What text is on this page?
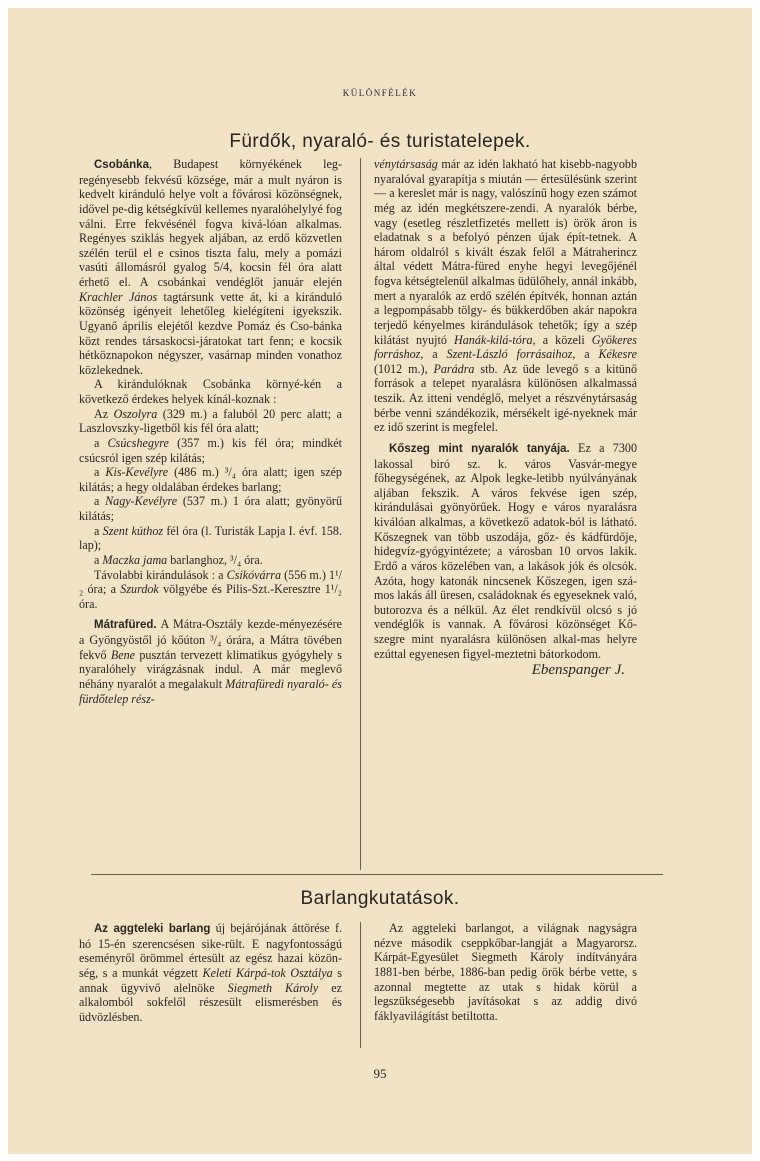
KÜLÖNFÉLÉK
Fürdők, nyaraló- és turistatelepek.

Csobánka, Budapest környékének leg-regényesebb fekvésű községe, már a mult nyáron is kedvelt kiránduló helye volt a fővárosi közönségnek, idővel pe-dig kétségkívül kellemes nyaralóhelylyé fog válni. Erre fekvésénél fogva kivá-lóan alkalmas. Regényes sziklás hegyek aljában, az erdő közvetlen szélén terül el e csinos tiszta falu, mely a pomázi vasúti állomásról gyalog 5/4, kocsin fél óra alatt érhető el. A csobánkai vendéglőt január elején Krachler János tagtársunk vette át, ki a kiránduló közönség igényeit lehetőleg kielégíteni igyekszik. Ugyanő április elejétől kezdve Pomáz és Cso-bánka közt rendes társaskocsi-járatokat tart fenn; e kocsik hétköznapokon négyszer, vasárnap minden vonathoz közlekednek.

A kirándulóknak Csobánka környé-kén a következő érdekes helyek kínál-koznak :

Az Oszolyra (329 m.) a faluból 20 perc alatt; a Laszlovszky-ligetből kis fél óra alatt;

a Csúcshegyre (357 m.) kis fél óra; mindkét csúcsról igen szép kilátás;

a Kis-Kevélyre (486 m.) ³/₄ óra alatt; igen szép kilátás; a hegy oldalában érdekes barlang;

a Nagy-Kevélyre (537 m.) 1 óra alatt; gyönyörű kilátás;

a Szent kúthoz fél óra (l. Turisták Lapja I. évf. 158. lap);

a Maczka jama barlanghoz, ³/₄ óra.

Távolabbi kirándulások : a Csikóvárra (556 m.) 1¹/₂ óra; a Szurdok völgyébe és Pilis-Szt.-Keresztre 1¹/₂ óra.

Mátrafüred. A Mátra-Osztály kezde-ményezésére a Gyöngyöstől jó kőúton ³/₄ órára, a Mátra tövében fekvő Bene pusztán tervezett klimatikus gyógyhely s nyaralóhely virágzásnak indul. A már meglevő néhány nyaralót a megalakult Mátrafüredi nyaraló- és fürdőtelep rész-

vénytársaság már az idén lakható hat kisebb-nagyobb nyaralóval gyarapítja s miután — értesülésünk szerint — a kereslet már is nagy, valószínű hogy ezen számot még az idén megkétszere-zendi. A nyaralók bérbe, vagy (esetleg részletfizetés mellett is) örök áron is eladatnak s a befolyó pénzen újak épít-tetnek. A három oldalról s kivált észak felől a Mátraherincz által védett Mátra-füred enyhe hegyi levegőjénél fogva kétségtelenül alkalmas üdülőhely, annál inkább, mert a nyaralók az erdő szélén építvék, honnan aztán a legpompásabb tölgy- és bükkerdőben akár napokra terjedő kényelmes kirándulások tehetők; így a szép kilátást nyujtó Hanák-kilá-tóra, a közeli Gyökeres forráshoz, a Szent-László forrásaihoz, a Kékesre (1012 m.), Parádra stb. Az üde levegő s a kitünő források a telepet nyaralásra különösen alkalmassá teszik. Az itteni vendéglő, melyet a részvénytársaság bérbe venni szándékozik, mérsékelt igé-nyeknek már ez idő szerint is megfelel.

Kőszeg mint nyaralók tanyája. Ez a 7300 lakossal biró sz. k. város Vasvár-megye főhegységének, az Alpok legke-letibb nyúlványának aljában fekszik. A város fekvése igen szép, kirándulásai gyönyörűek. Hogy e város nyaralásra kiválóan alkalmas, a következő adatok-ból is látható. Kőszegnek van több uszodája, gőz- és kádfürdője, hidegvíz-gyógyintézete; a városban 10 orvos lakik. Erdő a város közelében van, a lakások jók és olcsók. Azóta, hogy katonák nincsenek Kőszegen, igen szá-mos lakás áll üresen, családoknak és egyeseknek való, butorozva és a nélkül. Az élet rendkívül olcsó s jó vendéglők is vannak. A fővárosi közönséget Kő-szegre mint nyaralásra különösen alkal-mas helyre ezúttal egyenesen figyel-meztetni bátorkodom.

Ebenspanger J.
Barlangkutatások.

Az aggteleki barlang új bejárójának áttörése f. hó 15-én szerencsésen sike-rült. E nagyfontosságú eseményről örömmel értesült az egész hazai közön-ség, s a munkát végzett Keleti Kárpá-tok Osztálya s annak ügyvivő alelnöke Siegmeth Károly ez alkalomból sokfelől részesült elismerésben és üdvözlésben.

Az aggteleki barlangot, a világnak nagyságra nézve második cseppkőbar-langját a Magyarorsz. Kárpát-Egyesület Siegmeth Károly indítványára 1881-ben bérbe, 1886-ban pedig örök bérbe vette, s azonnal megtette az utak s hidak körül a legszükségesebb javításokat s az addig divó fáklyavilágítást betiltotta.

95
